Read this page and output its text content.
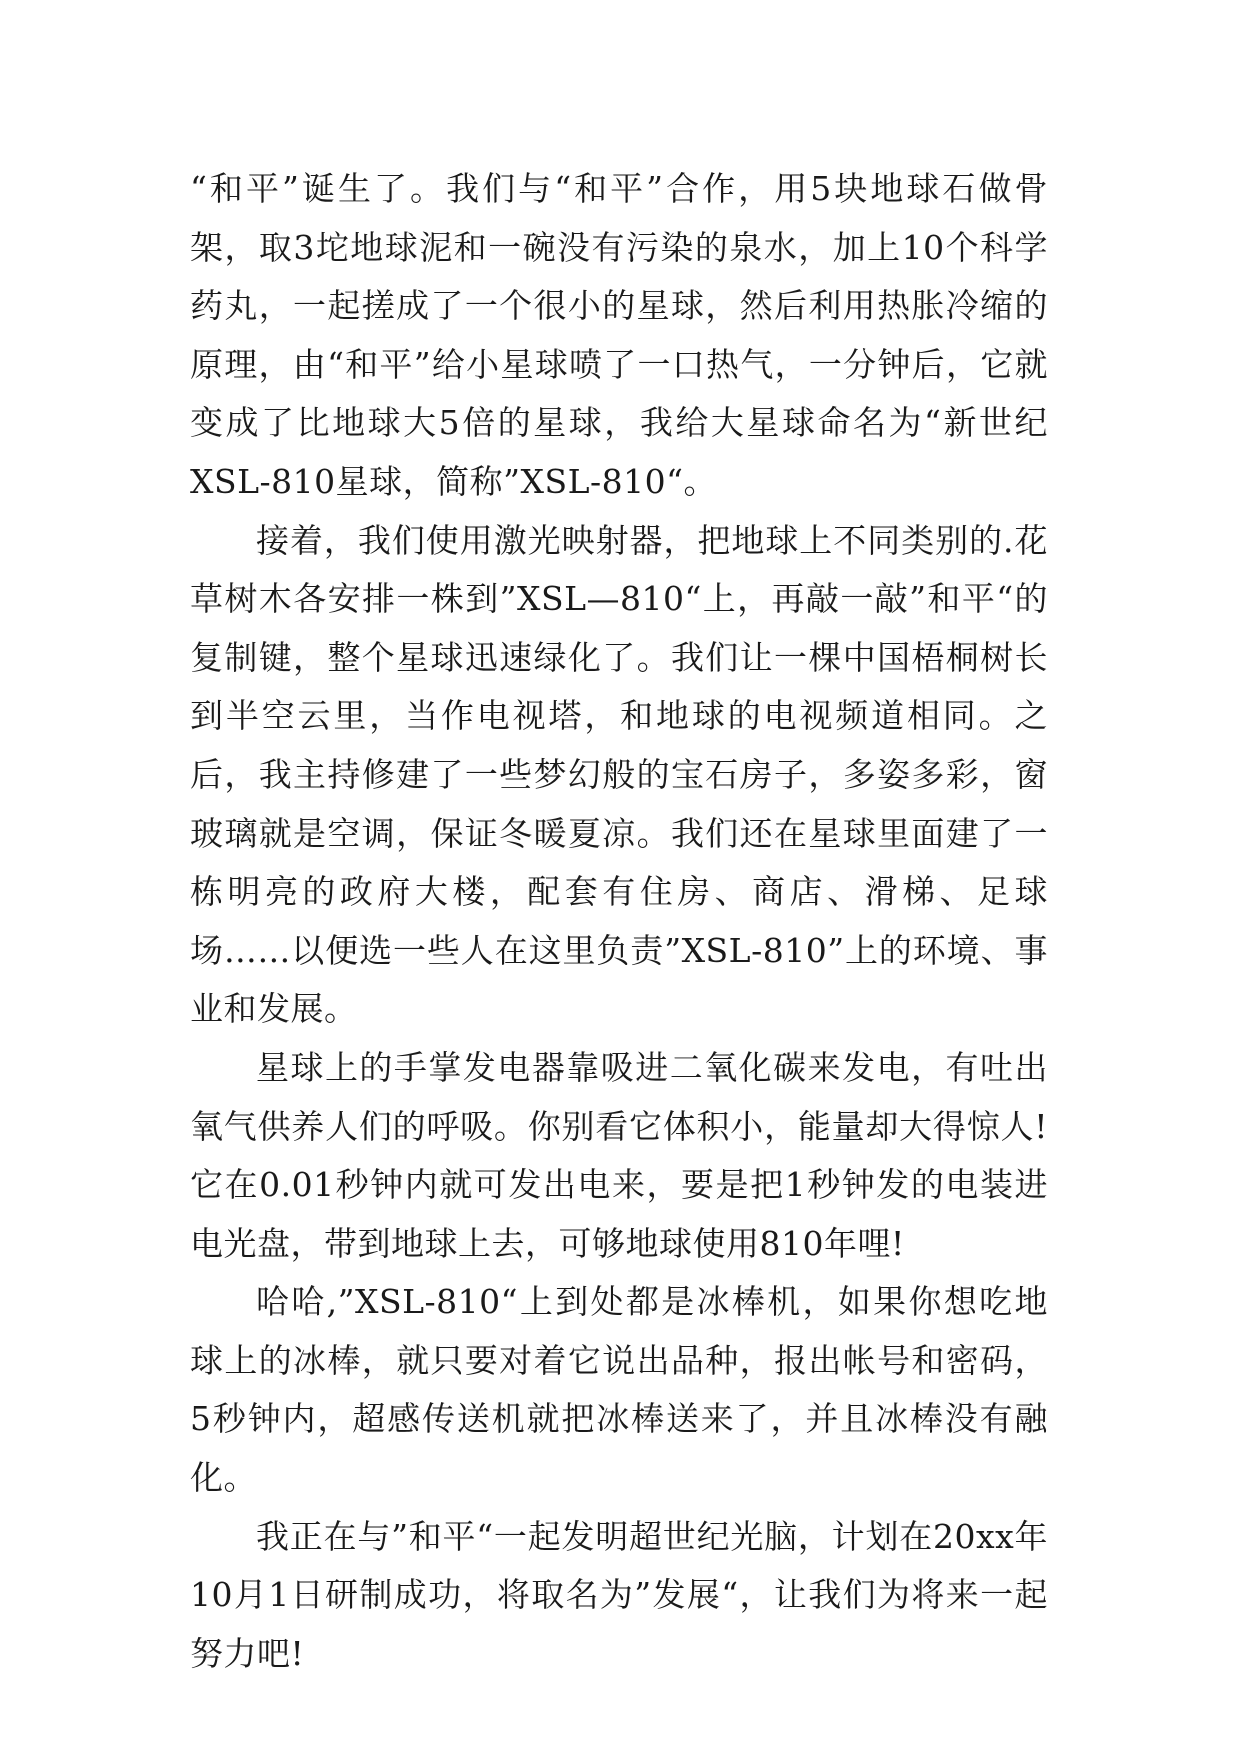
“和平”诞生了。我们与“和平”合作，用5块地球石做骨架，取3坨地球泥和一碗没有污染的泉水，加上10个科学药丸，一起搓成了一个很小的星球，然后利用热胀冷缩的原理，由“和平”给小星球喷了一口热气，一分钟后，它就变成了比地球大5倍的星球，我给大星球命名为“新世纪XSL-810星球，简称”XSL-810“。

接着，我们使用激光映射器，把地球上不同类别的.花草树木各安排一株到”XSL—810“上，再敲一敲”和平“的复制键，整个星球迅速绿化了。我们让一棵中国梧桐树长到半空云里，当作电视塔，和地球的电视频道相同。之后，我主持修建了一些梦幻般的宝石房子，多姿多彩，窗玻璃就是空调，保证冬暖夏凉。我们还在星球里面建了一栋明亮的政府大楼，配套有住房、商店、滑梯、足球场……以便选一些人在这里负责”XSL-810”上的环境、事业和发展。

星球上的手掌发电器靠吸进二氧化碳来发电，有吐出氧气供养人们的呼吸。你别看它体积小，能量却大得惊人!它在0.01秒钟内就可发出电来，要是把1秒钟发的电装进电光盘，带到地球上去，可够地球使用810年哩!

哈哈,”XSL-810“上到处都是冰棒机，如果你想吃地球上的冰棒，就只要对着它说出品种，报出帐号和密码，5秒钟内，超感传送机就把冰棒送来了，并且冰棒没有融化。

我正在与”和平“一起发明超世纪光脑，计划在20xx年10月1日研制成功，将取名为”发展“，让我们为将来一起努力吧!
